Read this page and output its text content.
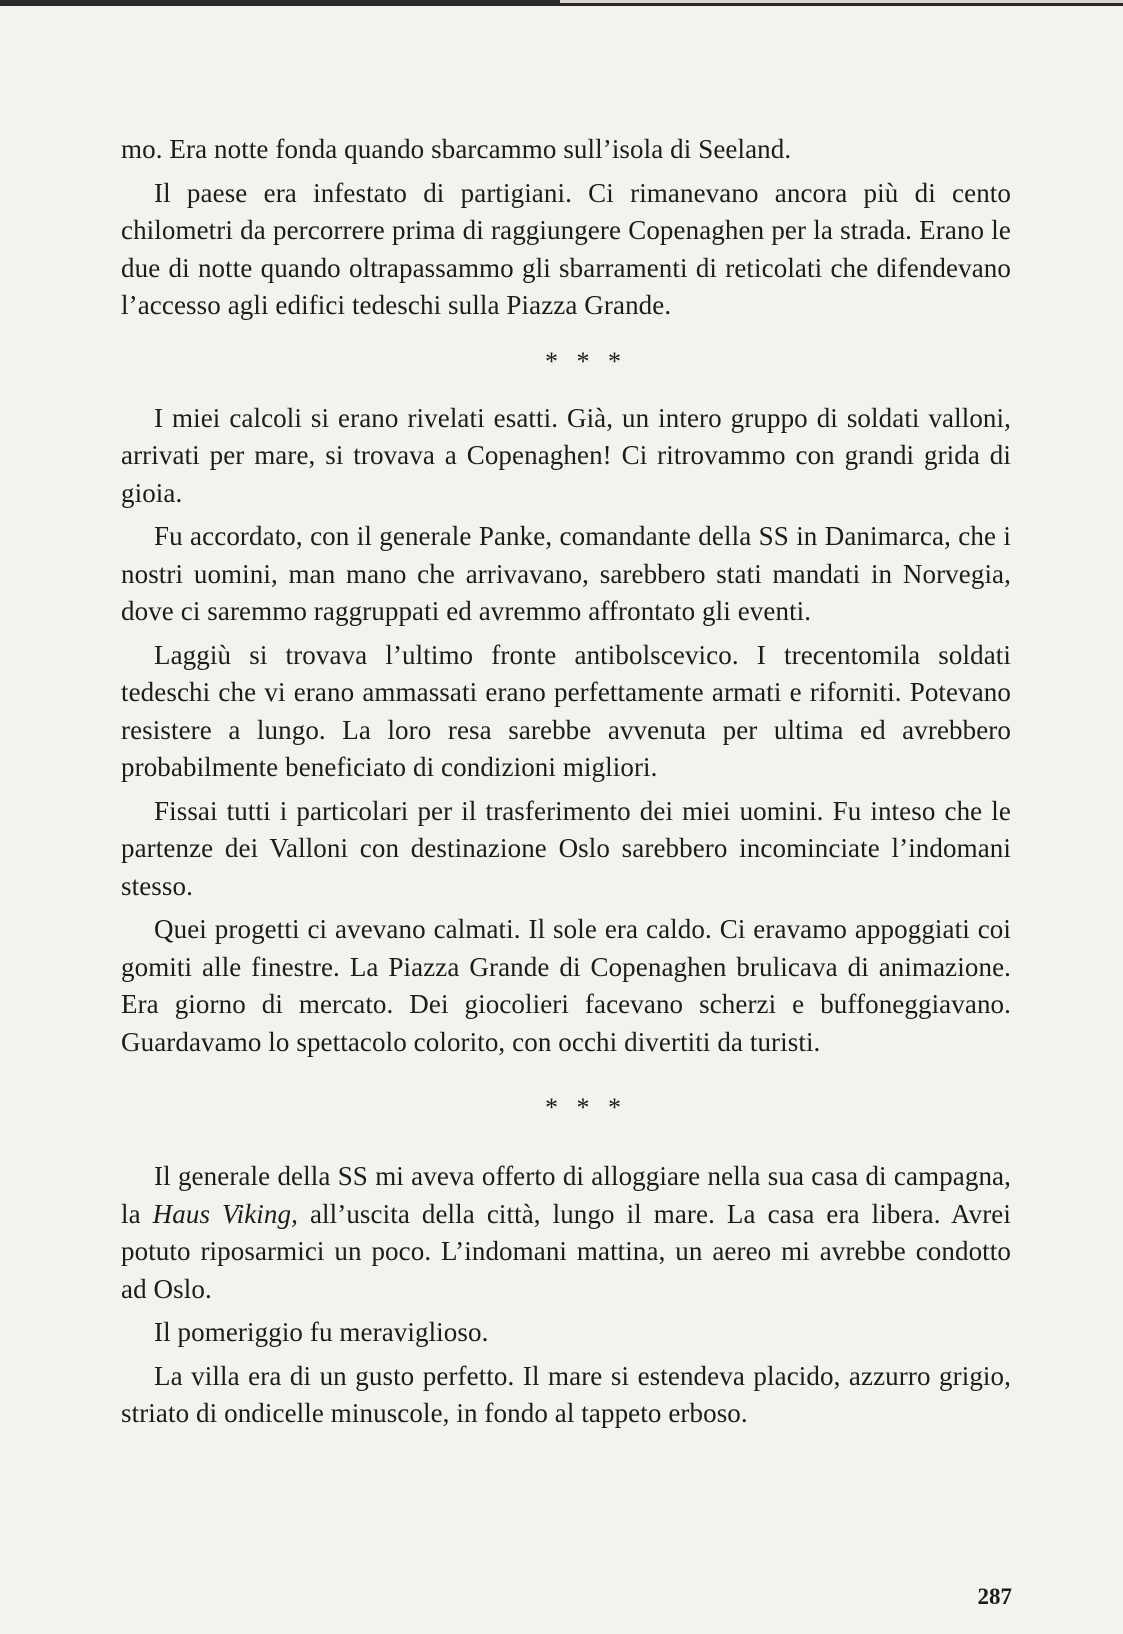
mo. Era notte fonda quando sbarcammo sull’isola di Seeland.

Il paese era infestato di partigiani. Ci rimanevano ancora più di cento chilometri da percorrere prima di raggiungere Copenaghen per la strada. Erano le due di notte quando oltrapassammo gli sbarramenti di reticolati che difendevano l’accesso agli edifici tedeschi sulla Piazza Grande.

* * *

I miei calcoli si erano rivelati esatti. Già, un intero gruppo di soldati valloni, arrivati per mare, si trovava a Copenaghen! Ci ritrovammo con grandi grida di gioia.

Fu accordato, con il generale Panke, comandante della SS in Danimarca, che i nostri uomini, man mano che arrivavano, sarebbero stati mandati in Norvegia, dove ci saremmo raggruppati ed avremmo affrontato gli eventi.

Laggiù si trovava l’ultimo fronte antibolscevico. I trecentomila soldati tedeschi che vi erano ammassati erano perfettamente armati e riforniti. Potevano resistere a lungo. La loro resa sarebbe avvenuta per ultima ed avrebbero probabilmente beneficiato di condizioni migliori.

Fissai tutti i particolari per il trasferimento dei miei uomini. Fu inteso che le partenze dei Valloni con destinazione Oslo sarebbero incominciate l’indomani stesso.

Quei progetti ci avevano calmati. Il sole era caldo. Ci eravamo appoggiati coi gomiti alle finestre. La Piazza Grande di Copenaghen brulicava di animazione. Era giorno di mercato. Dei giocolieri facevano scherzi e buffoneggiavano. Guardavamo lo spettacolo colorito, con occhi divertiti da turisti.

* * *

Il generale della SS mi aveva offerto di alloggiare nella sua casa di campagna, la Haus Viking, all’uscita della città, lungo il mare. La casa era libera. Avrei potuto riposarmici un poco. L’indomani mattina, un aereo mi avrebbe condotto ad Oslo.

Il pomeriggio fu meraviglioso.

La villa era di un gusto perfetto. Il mare si estendeva placido, azzurro grigio, striato di ondicelle minuscole, in fondo al tappeto erboso.

287
